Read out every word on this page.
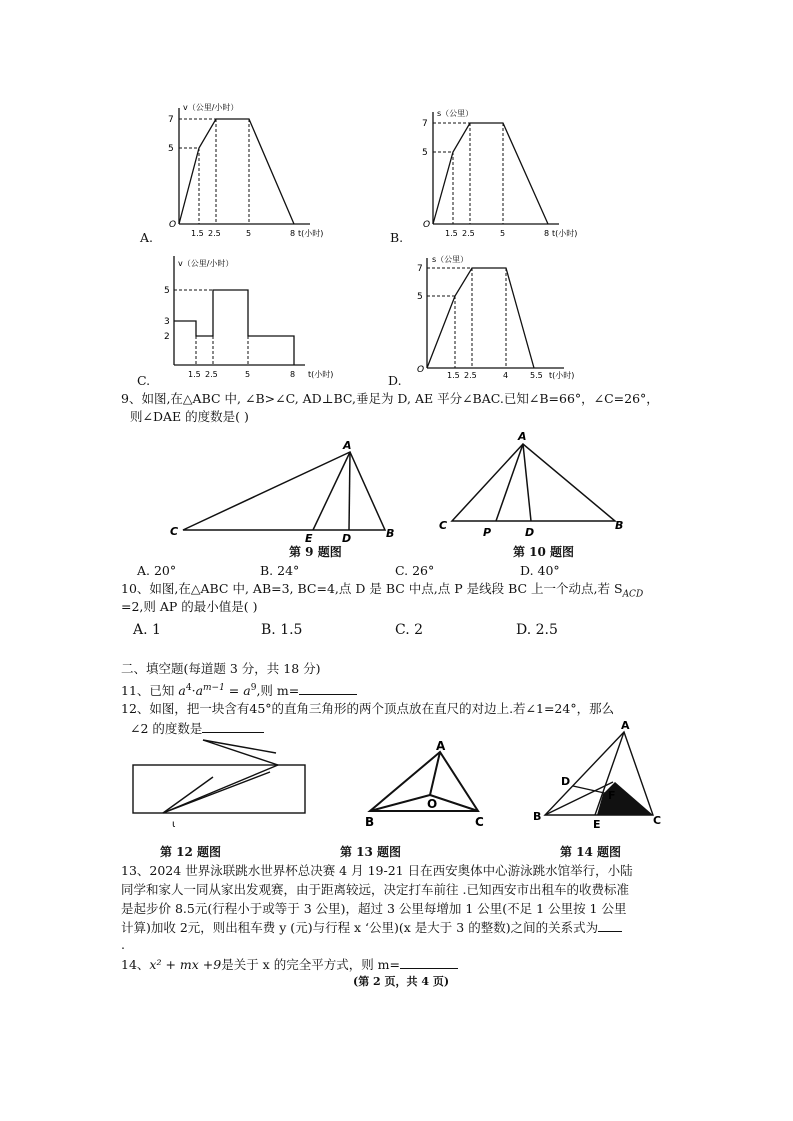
v（公里/小时）
7
5
O
1.5 2.5	5	8 t(小时)
A.
s（公里）
7
5
O
1.5 2.5	5	8 t(小时)
B.
v（公里/小时）
5
3
2
1.5 2.5	5	8 t(小时)
C.
s（公里）
7
5
O
1.5 2.5	4	5.5 t(小时)
D.
9、如图,在△ABC 中, ∠B>∠C, AD⊥BC,垂足为 D, AE 平分∠BAC.已知∠B=66°，∠C=26°，
则∠DAE 的度数是( )
A
C	B
E	D
第 9 题图
A
C	B
P	D
第 10 题图
A. 20°	B. 24°	C. 26°	D. 40°
10、如图,在△ABC 中, AB=3, BC=4,点 D 是 BC 中点,点 P 是线段 BC 上一个动点,若 $S_{ACD}$
=2,则 AP 的最小值是( )
A. 1	B. 1.5	C. 2	D. 2.5
二、填空题(每道题 3 分，共 18 分)
11、已知 $a^4\cdot a^{m-1} = a^9$,则 m=
12、如图，把一块含有45°的直角三角形的两个顶点放在直尺的对边上.若∠1=24°，那么
∠2 的度数是
ι
第 12 题图
A
B	C
O
第 13 题图
A
D
F
B
E	C
第 14 题图
13、2024 世界泳联跳水世界杯总决赛 4 月 19-21 日在西安奥体中心游泳跳水馆举行，小陆
同学和家人一同从家出发观赛，由于距离较远，决定打车前往 .已知西安市出租车的收费标准
是起步价 8.5元(行程小于或等于 3 公里)，超过 3 公里每增加 1 公里(不足 1 公里按 1 公里
计算)加收 2元，则出租车费 y (元)与行程 x ‘公里)(x 是大于 3 的整数)之间的关系式为
.
14、x² + mx +9是关于 x 的完全平方式，则 m=
(第 2 页，共 4 页)
